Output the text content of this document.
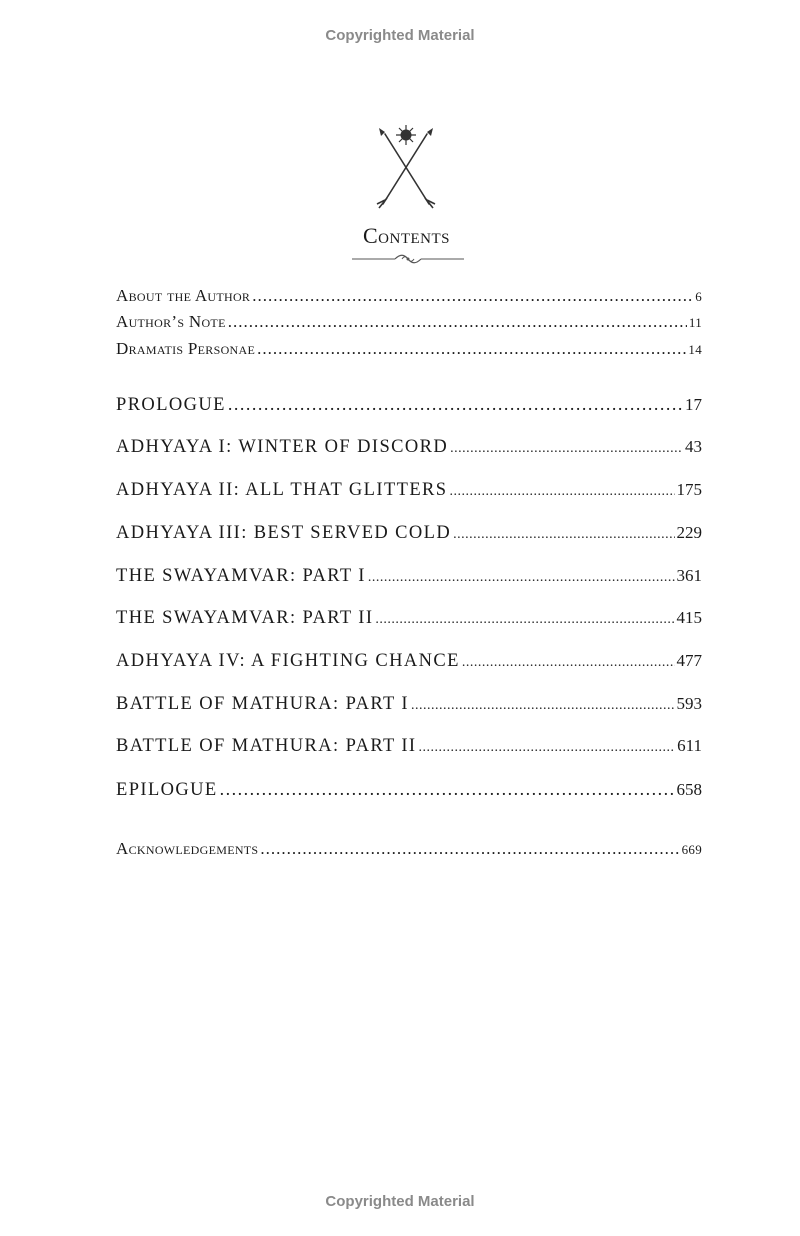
Copyrighted Material
Contents
About the Author .....	6
Author’s Note .....	11
Dramatis Personae .....	14
PROLOGUE .....	17
ADHYAYA I: WINTER OF DISCORD .....	43
ADHYAYA II: ALL THAT GLITTERS .....	175
ADHYAYA III: BEST SERVED COLD .....	229
THE SWAYAMVAR: PART I .....	361
THE SWAYAMVAR: PART II .....	415
ADHYAYA IV: A FIGHTING CHANCE .....	477
BATTLE OF MATHURA: PART I .....	593
BATTLE OF MATHURA: PART II .....	611
EPILOGUE .....	658
Acknowledgements .....	669
Copyrighted Material
